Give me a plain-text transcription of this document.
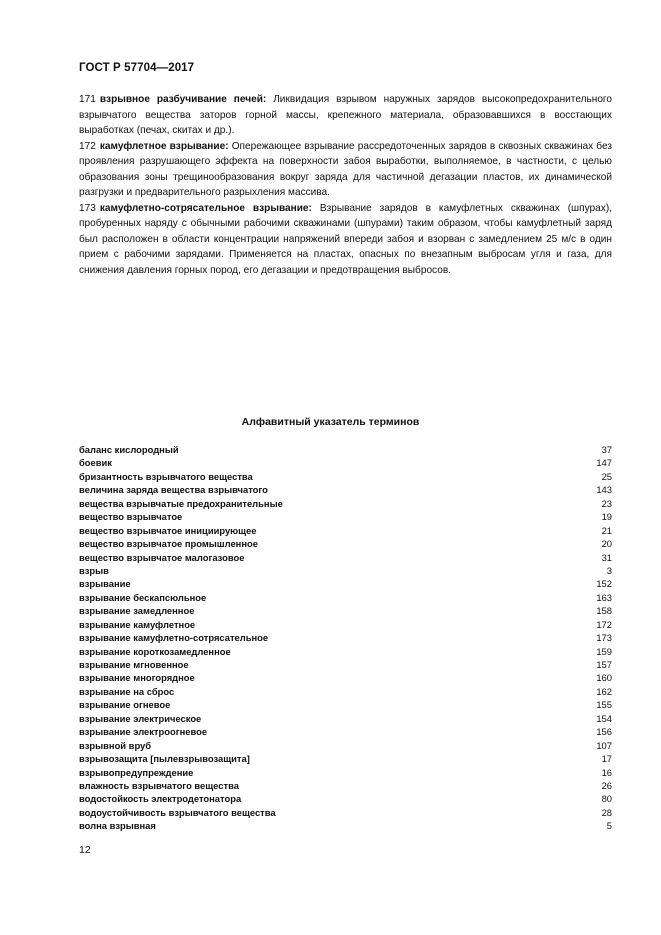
ГОСТ Р 57704—2017

171 взрывное разбучивание печей: Ликвидация взрывом наружных зарядов высокопредохранительного взрывчатого вещества заторов горной массы, крепежного материала, образовавшихся в восстающих выработках (печах, скитах и др.).

172 камуфлетное взрывание: Опережающее взрывание рассредоточенных зарядов в сквозных скважинах без проявления разрушающего эффекта на поверхности забоя выработки, выполняемое, в частности, с целью образования зоны трещинообразования вокруг заряда для частичной дегазации пластов, их динамической разгрузки и предварительного разрыхления массива.

173 камуфлетно-сотрясательное взрывание: Взрывание зарядов в камуфлетных скважинах (шпурах), пробуренных наряду с обычными рабочими скважинами (шпурами) таким образом, чтобы камуфлетный заряд был расположен в области концентрации напряжений впереди забоя и взорван с замедлением 25 м/с в один прием с рабочими зарядами. Применяется на пластах, опасных по внезапным выбросам угля и газа, для снижения давления горных пород, его дегазации и предотвращения выбросов.

Алфавитный указатель терминов
баланс кислородный	37
боевик	147
бризантность взрывчатого вещества	25
величина заряда вещества взрывчатого	143
вещества взрывчатые предохранительные	23
вещество взрывчатое	19
вещество взрывчатое инициирующее	21
вещество взрывчатое промышленное	20
вещество взрывчатое малогазовое	31
взрыв	3
взрывание	152
взрывание бескапсюльное	163
взрывание замедленное	158
взрывание камуфлетное	172
взрывание камуфлетно-сотрясательное	173
взрывание короткозамедленное	159
взрывание мгновенное	157
взрывание многорядное	160
взрывание на сброс	162
взрывание огневое	155
взрывание электрическое	154
взрывание электроогневое	156
взрывной вруб	107
взрывозащита [пылевзрывозащита]	17
взрывопредупреждение	16
влажность взрывчатого вещества	26
водостойкость электродетонатора	80
водоустойчивость взрывчатого вещества	28
волна взрывная	5
12
